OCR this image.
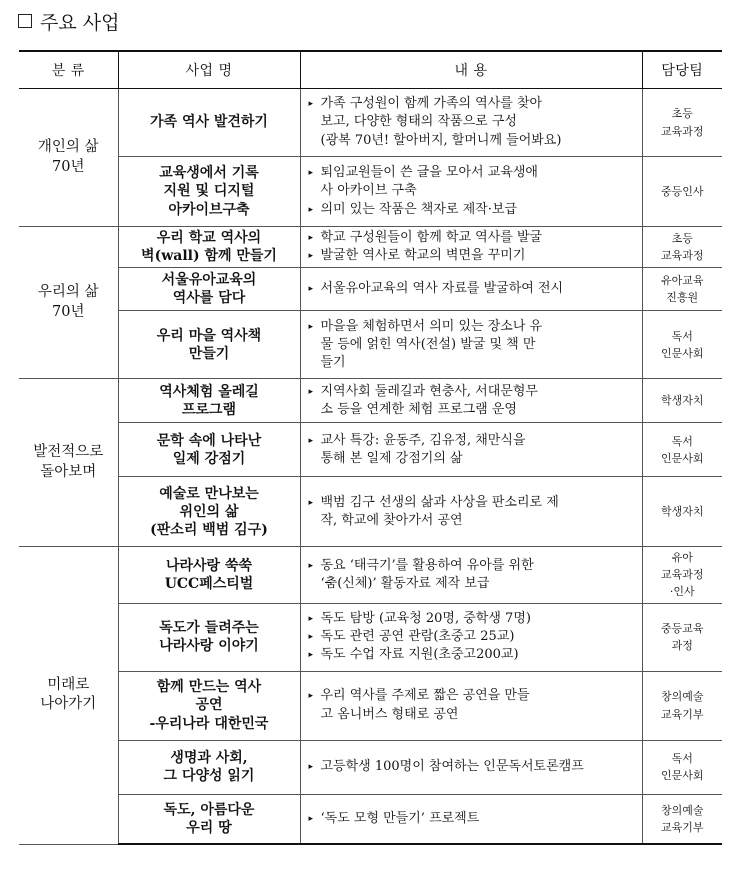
주요 사업
분 류	사업 명	내 용	담당팀

개인의 삶
70년	가족 역사 발견하기	▸ 가족 구성원이 함께 가족의 역사를 찾아
보고, 다양한 형태의 작품으로 구성
(광복 70년! 할아버지, 할머니께 들어봐요)	초등
교육과정

	교육생에서 기록
지원 및 디지털
아카이브구축	▸ 퇴임교원들이 쓴 글을 모아서 교육생애
사 아카이브 구축
▸ 의미 있는 작품은 책자로 제작·보급	중등인사

우리의 삶
70년	우리 학교 역사의
벽(wall) 함께 만들기	▸ 학교 구성원들이 함께 학교 역사를 발굴
▸ 발굴한 역사로 학교의 벽면을 꾸미기	초등
교육과정

	서울유아교육의
역사를 담다	▸ 서울유아교육의 역사 자료를 발굴하여 전시	유아교육
진흥원

	우리 마을 역사책
만들기	▸ 마을을 체험하면서 의미 있는 장소나 유
물 등에 얽힌 역사(전설) 발굴 및 책 만
들기	독서
인문사회

발전적으로
돌아보며	역사체험 올레길
프로그램	▸ 지역사회 둘레길과 현충사, 서대문형무
소 등을 연계한 체험 프로그램 운영	학생자치

	문학 속에 나타난
일제 강점기	▸ 교사 특강: 윤동주, 김유정, 채만식을
통해 본 일제 강점기의 삶	독서
인문사회

	예술로 만나보는
위인의 삶
(판소리 백범 김구)	▸ 백범 김구 선생의 삶과 사상을 판소리로 제
작, 학교에 찾아가서 공연	학생자치

미래로
나아가기	나라사랑 쑥쑥
UCC페스티벌	▸ 동요 ‘태극기’를 활용하여 유아를 위한
‘춤(신체)’ 활동자료 제작 보급	유아
교육과정
·인사

	독도가 들려주는
나라사랑 이야기	▸ 독도 탐방 (교육청 20명, 중학생 7명)
▸ 독도 관련 공연 관람(초중고 25교)
▸ 독도 수업 자료 지원(초중고200교)	중등교육
과정

	함께 만드는 역사
공연
-우리나라 대한민국	▸ 우리 역사를 주제로 짧은 공연을 만들
고 옴니버스 형태로 공연	창의예술
교육기부

	생명과 사회,
그 다양성 읽기	▸ 고등학생 100명이 참여하는 인문독서토론캠프	독서
인문사회

	독도, 아름다운
우리 땅	▸ ‘독도 모형 만들기’ 프로젝트	창의예술
교육기부
